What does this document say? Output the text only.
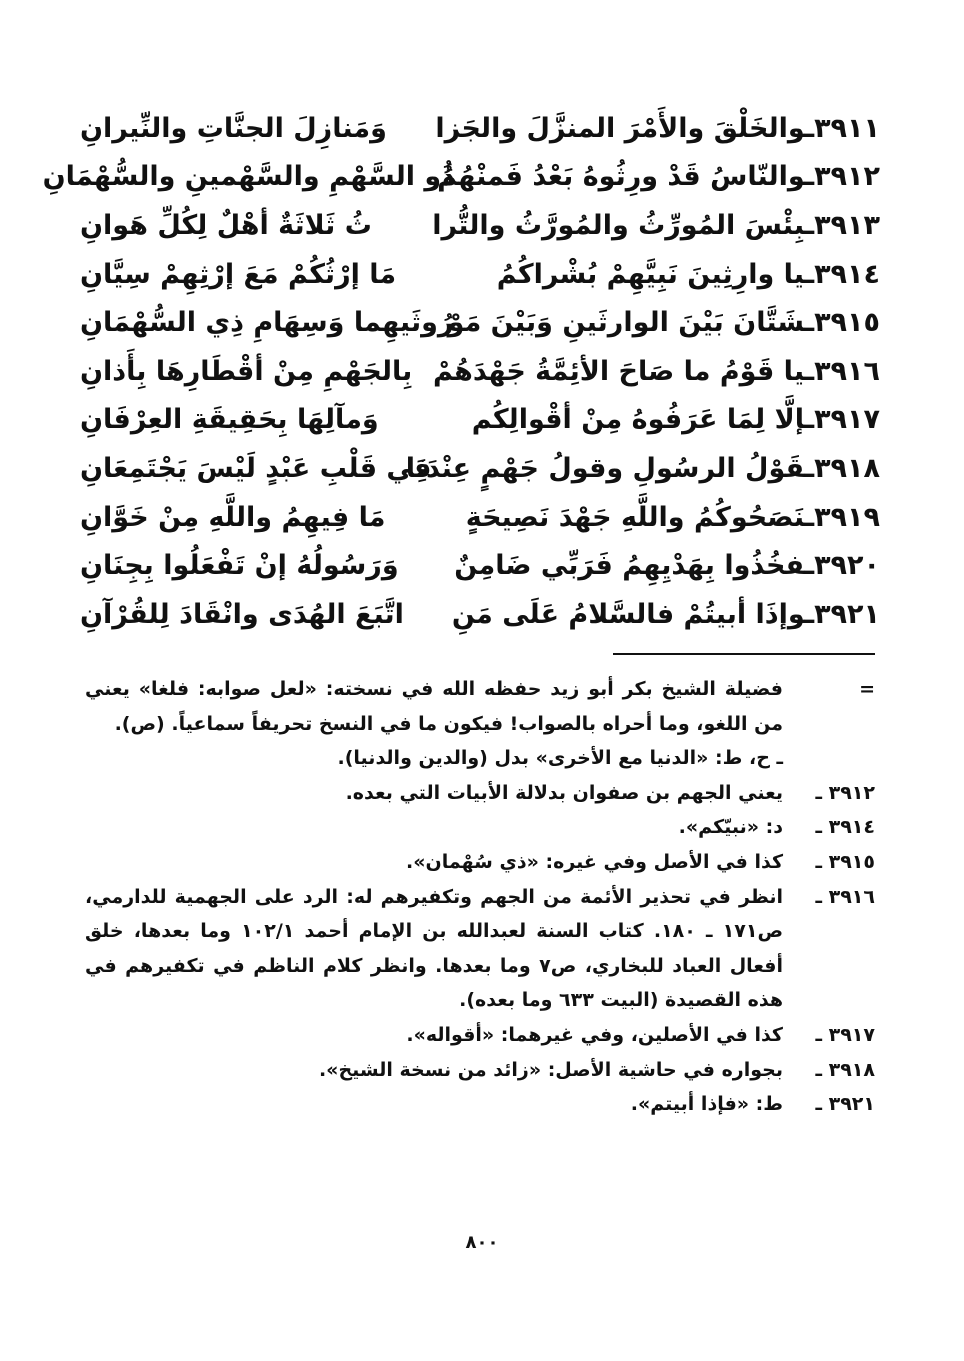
٣٩١١ـوالخَلْقَ والأَمْرَ المنزَّلَ والجَزا
وَمَنازِلَ الجنَّاتِ والنِّيرانِ
٣٩١٢ـوالنّاسُ قَدْ ورِثُوهُ بَعْدُ فَمنْهُمُ
ذُو السَّهْمِ والسَّهْمينِ والسُّهْمَانِ
٣٩١٣ـبِئْسَ المُورِّثُ والمُورَّثُ والتُّرا
ثُ ثَلاثَةٌ أهْلٌ لِكُلِّ هَوانِ
٣٩١٤ـيا وارِثِينَ نَبِيَّهِمْ بُشْراكُمُ
مَا إرْثُكُمْ مَعَ إرْثِهِمْ سِيَّانِ
٣٩١٥ـشَتَّانَ بَيْنَ الوارثَينِ وَبَيْنَ مَوْ
رُوثَيهِما وَسِهَامِ ذِي السُّهْمَانِ
٣٩١٦ـيا قَوْمُ ما صَاحَ الأئِمَّةُ جَهْدَهُمْ
بِالجَهْمِ مِنْ أقْطَارِهَا بِأَذانِ
٣٩١٧ـإلَّا لِمَا عَرَفُوهُ مِنْ أقْوالِكُم
وَمآلِهَا بِحَقِيقَةِ العِرْفَانِ
٣٩١٨ـقَوْلُ الرسُولِ وقولُ جَهْمٍ عِنْدَنَا
فِي قَلْبِ عَبْدٍ لَيْسَ يَجْتَمِعَانِ
٣٩١٩ـنَصَحُوكُمُ واللَّهِ جَهْدَ نَصِيحَةٍ
مَا فِيهِمُ واللَّهِ مِنْ خَوَّانِ
٣٩٢٠ـفخُذُوا بِهَدْيِهِمُ فَرَبِّي ضَامِنٌ
وَرَسُولُهُ إنْ تَفْعَلُوا بِجِنَانِ
٣٩٢١ـوإذَا أبيتُمْ فالسَّلامُ عَلَى مَنِ
اتَّبَعَ الهُدَى وانْقَادَ لِلقُرْآنِ
=
فضيلة الشيخ بكر أبو زيد حفظه الله في نسخته: «لعل صوابه: فلغا» يعني من اللغو، وما أحراه بالصواب! فيكون ما في النسخ تحريفاً سماعياً. (ص).
ـ ح، ط: «الدنيا مع الأخرى» بدل (والدين والدنيا).
٣٩١٢ ـ
يعني الجهم بن صفوان بدلالة الأبيات التي بعده.
٣٩١٤ ـ
د: «نبيّكم».
٣٩١٥ ـ
كذا في الأصل وفي غيره: «ذي سُهْمان».
٣٩١٦ ـ
انظر في تحذير الأئمة من الجهم وتكفيرهم له: الرد على الجهمية للدارمي، ص١٧١ ـ ١٨٠. كتاب السنة لعبدالله بن الإمام أحمد ١٠٢/١ وما بعدها، خلق أفعال العباد للبخاري، ص٧ وما بعدها. وانظر كلام الناظم في تكفيرهم في هذه القصيدة (البيت ٦٣٣ وما بعده).
٣٩١٧ ـ
كذا في الأصلين، وفي غيرهما: «أقواله».
٣٩١٨ ـ
بجواره في حاشية الأصل: «زائد من نسخة الشيخ».
٣٩٢١ ـ
ط: «فإذا أبيتم».
٨٠٠
